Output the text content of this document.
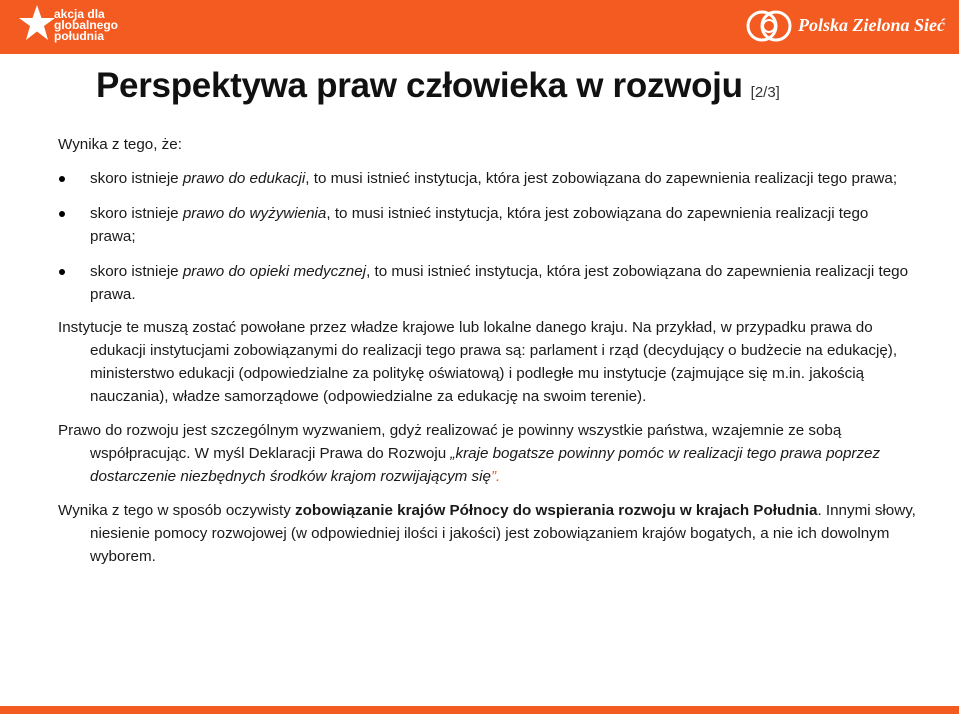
akcja dla
globalnego
południa
Polska Zielona Sieć
Perspektywa praw człowieka w rozwoju [2/3]

Wynika z tego, że:

skoro istnieje prawo do edukacji, to musi istnieć instytucja, która jest zobowiązana do zapewnienia realizacji tego prawa;
skoro istnieje prawo do wyżywienia, to musi istnieć instytucja, która jest zobowiązana do zapewnienia realizacji tego prawa;
skoro istnieje prawo do opieki medycznej, to musi istnieć instytucja, która jest zobowiązana do zapewnienia realizacji tego prawa.

Instytucje te muszą zostać powołane przez władze krajowe lub lokalne danego kraju. Na przykład, w przypadku prawa do edukacji instytucjami zobowiązanymi do realizacji tego prawa są: parlament i rząd (decydujący o budżecie na edukację), ministerstwo edukacji (odpowiedzialne za politykę oświatową) i podległe mu instytucje (zajmujące się m.in. jakością nauczania), władze samorządowe (odpowiedzialne za edukację na swoim terenie).

Prawo do rozwoju jest szczególnym wyzwaniem, gdyż realizować je powinny wszystkie państwa, wzajemnie ze sobą współpracując. W myśl Deklaracji Prawa do Rozwoju „kraje bogatsze powinny pomóc w realizacji tego prawa poprzez dostarczenie niezbędnych środków krajom rozwijającym się”.

Wynika z tego w sposób oczywisty zobowiązanie krajów Północy do wspierania rozwoju w krajach Południa. Innymi słowy, niesienie pomocy rozwojowej (w odpowiedniej ilości i jakości) jest zobowiązaniem krajów bogatych, a nie ich dowolnym wyborem.
